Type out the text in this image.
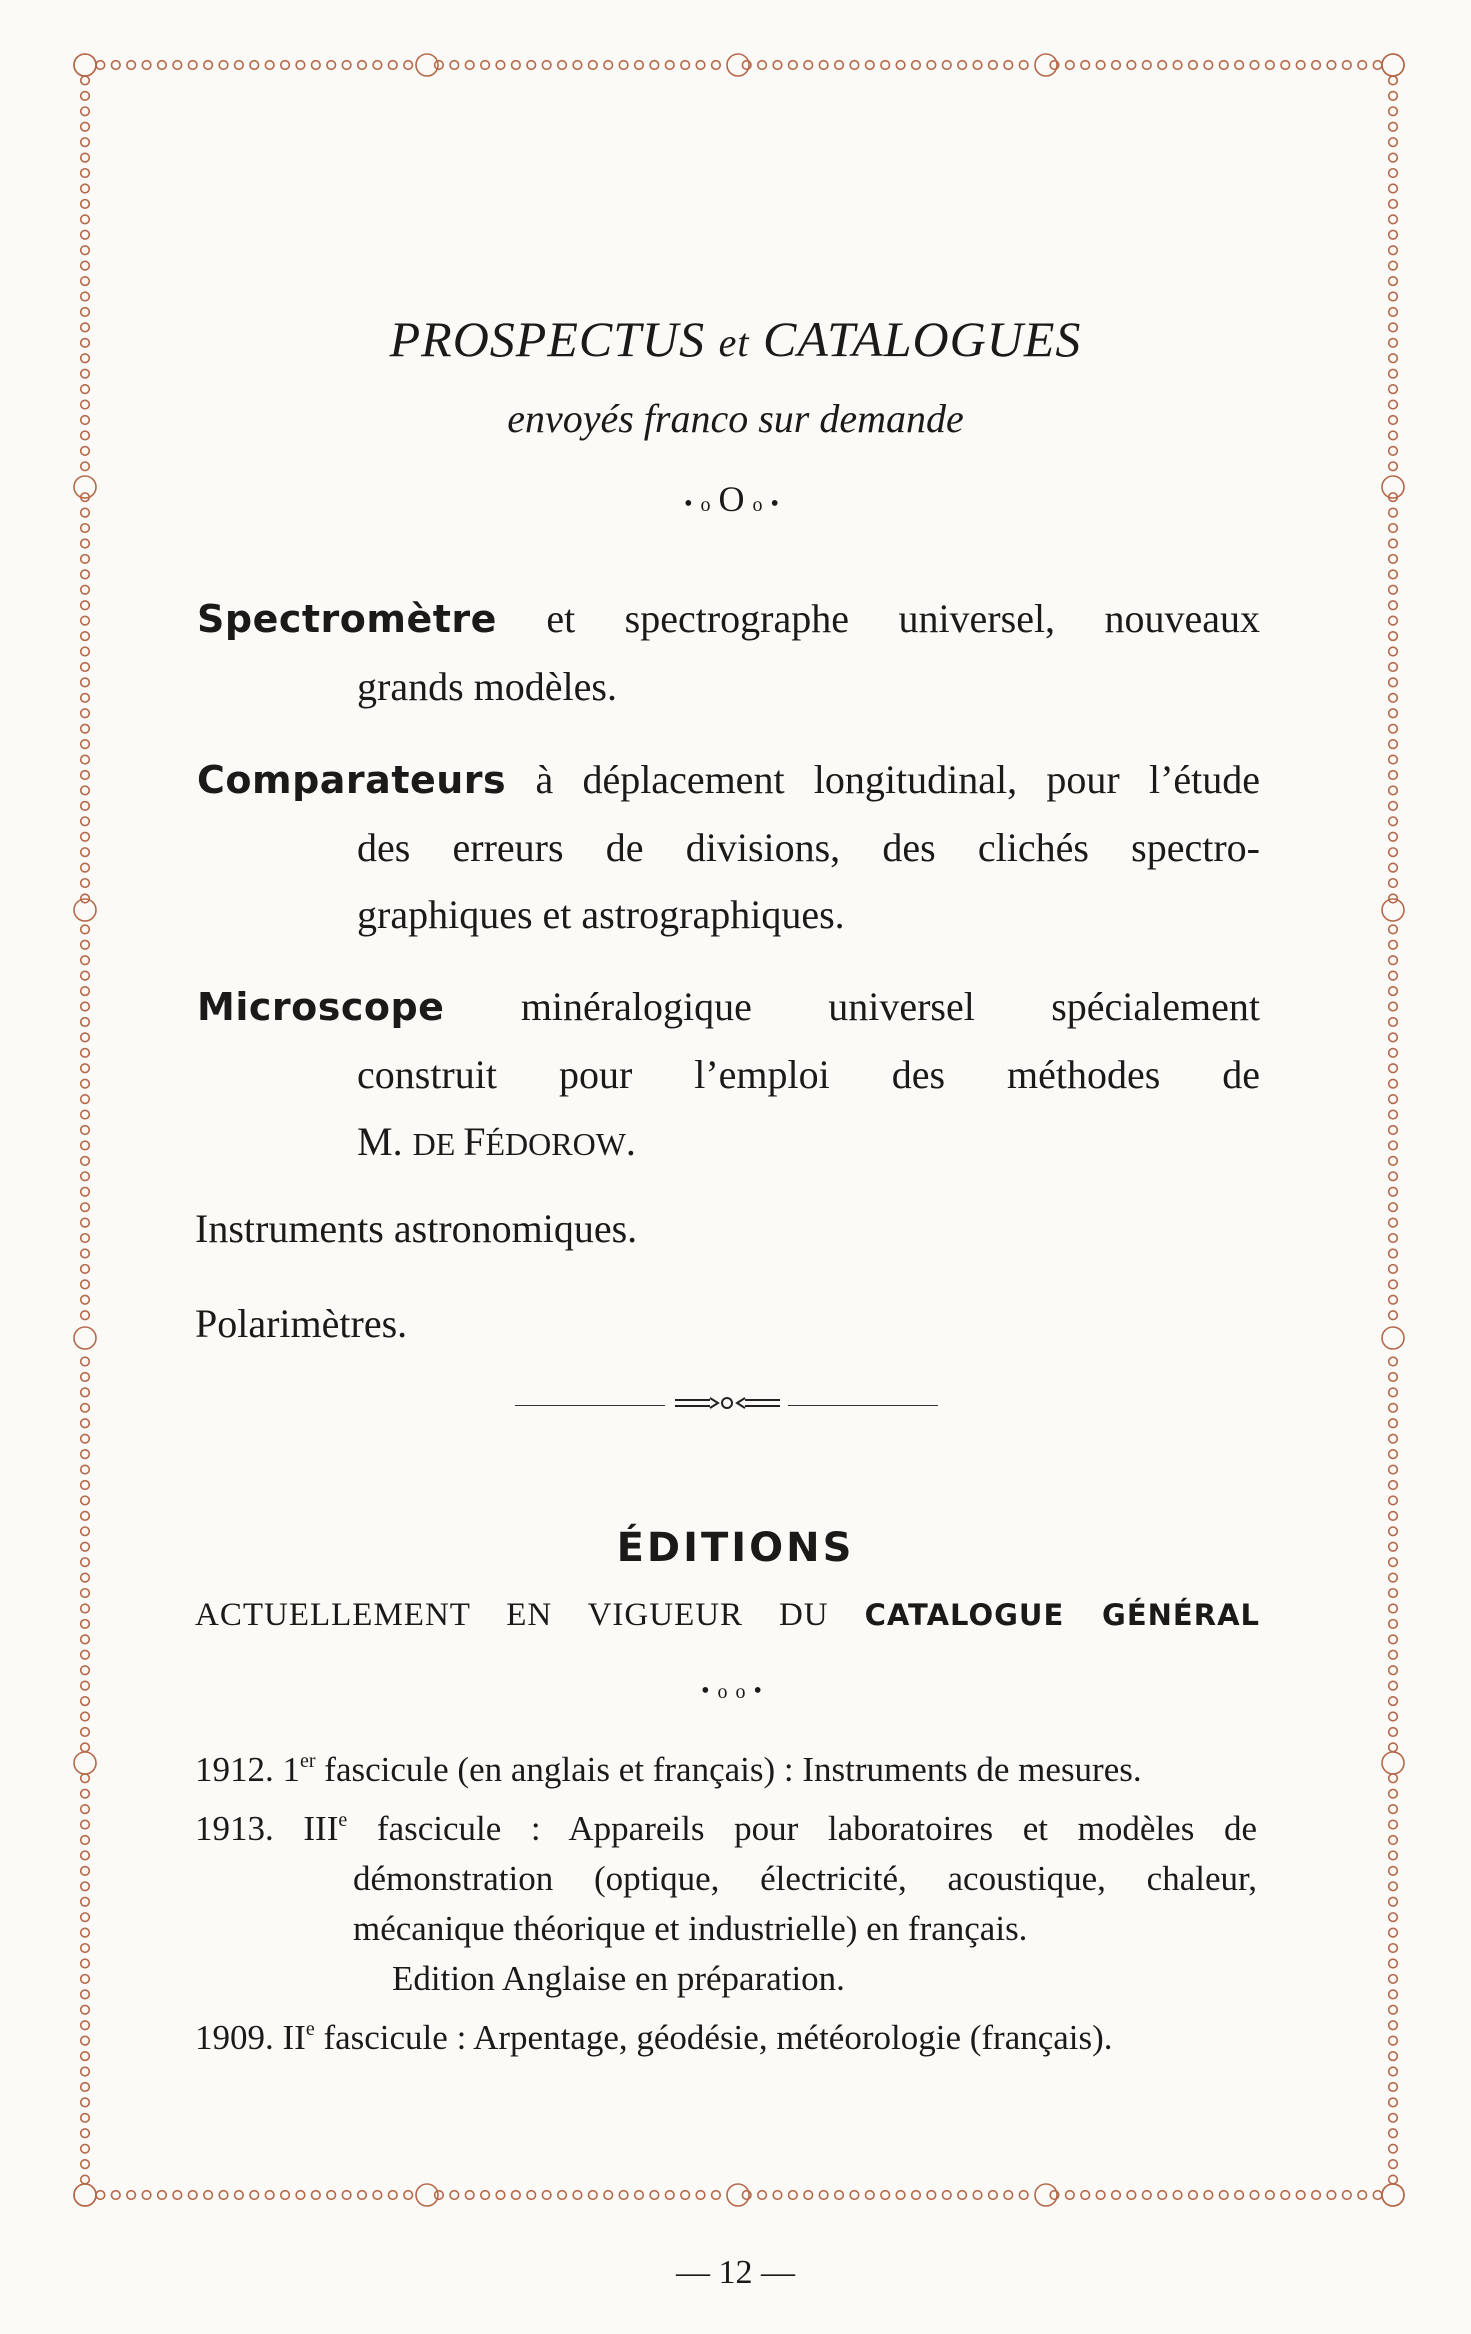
PROSPECTUS et CATALOGUES
envoyés franco sur demande
•oOo•
Spectromètre et spectrographe universel, nouveaux
grands modèles.
Comparateurs à déplacement longitudinal, pour l’étude
des erreurs de divisions, des clichés spectro-
graphiques et astrographiques.
Microscope minéralogique universel spécialement
construit pour l’emploi des méthodes de
M. DE FÉDOROW.
Instruments astronomiques.
Polarimètres.
ÉDITIONS
ACTUELLEMENT EN VIGUEUR DU CATALOGUE GÉNÉRAL
•oo•
1912. 1er fascicule (en anglais et français) : Instruments de mesures.
1913. IIIe fascicule : Appareils pour laboratoires et modèles de
démonstration (optique, électricité, acoustique, chaleur,
mécanique théorique et industrielle) en français.
Edition Anglaise en préparation.
1909. IIe fascicule : Arpentage, géodésie, météorologie (français).
— 12 —
